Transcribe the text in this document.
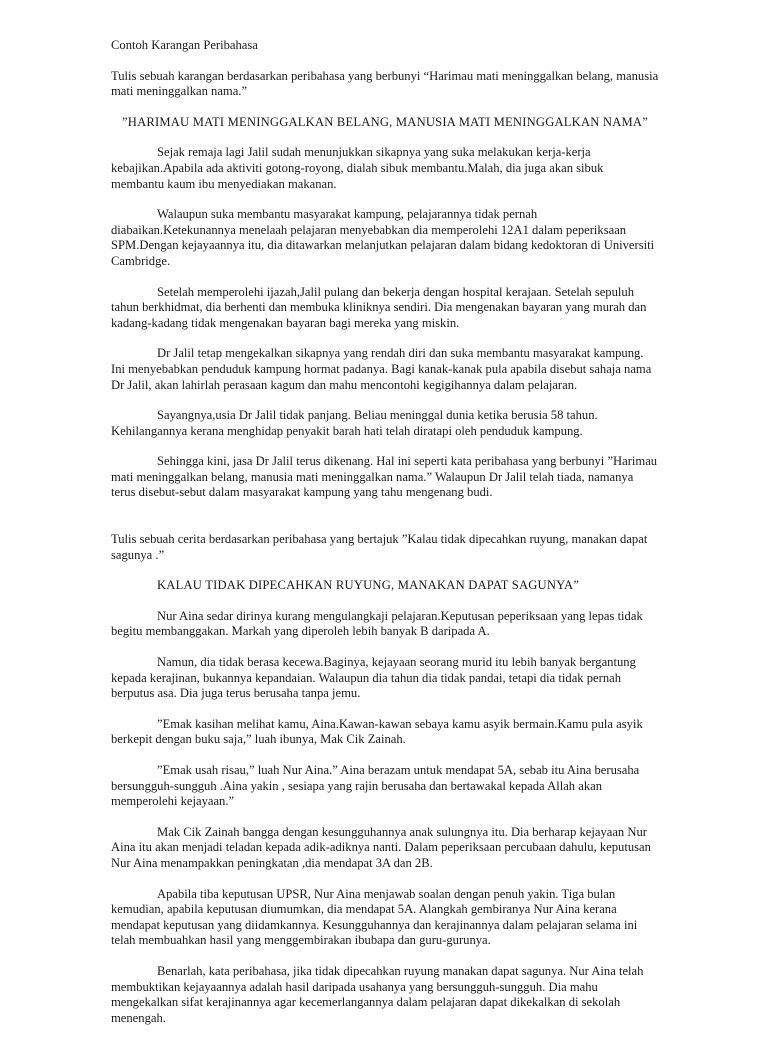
Contoh Karangan Peribahasa

Tulis sebuah karangan berdasarkan peribahasa yang berbunyi “Harimau mati meninggalkan belang, manusia mati meninggalkan nama.”

”HARIMAU MATI MENINGGALKAN BELANG, MANUSIA MATI MENINGGALKAN NAMA”

Sejak remaja lagi Jalil sudah menunjukkan sikapnya yang suka melakukan kerja-kerja kebajikan.Apabila ada aktiviti gotong-royong, dialah sibuk membantu.Malah, dia juga akan sibuk membantu kaum ibu menyediakan makanan.

Walaupun suka membantu masyarakat kampung, pelajarannya tidak pernah diabaikan.Ketekunannya menelaah pelajaran menyebabkan dia memperolehi 12A1 dalam peperiksaan SPM.Dengan kejayaannya itu, dia ditawarkan melanjutkan pelajaran dalam bidang kedoktoran di Universiti Cambridge.

Setelah memperolehi ijazah,Jalil pulang dan bekerja dengan hospital kerajaan. Setelah sepuluh tahun berkhidmat, dia berhenti dan membuka kliniknya sendiri. Dia mengenakan bayaran yang murah dan kadang-kadang tidak mengenakan bayaran bagi mereka yang miskin.

Dr Jalil tetap mengekalkan sikapnya yang rendah diri dan suka membantu masyarakat kampung. Ini menyebabkan penduduk kampung hormat padanya. Bagi kanak-kanak pula apabila disebut sahaja nama Dr Jalil, akan lahirlah perasaan kagum dan mahu mencontohi kegigihannya dalam pelajaran.

Sayangnya,usia Dr Jalil tidak panjang. Beliau meninggal dunia ketika berusia 58 tahun. Kehilangannya kerana menghidap penyakit barah hati telah diratapi oleh penduduk kampung.

Sehingga kini, jasa Dr Jalil terus dikenang. Hal ini seperti kata peribahasa yang berbunyi ”Harimau mati meninggalkan belang, manusia mati meninggalkan nama.” Walaupun Dr Jalil telah tiada, namanya terus disebut-sebut dalam masyarakat kampung yang tahu mengenang budi.

Tulis sebuah cerita berdasarkan peribahasa yang bertajuk ”Kalau tidak dipecahkan ruyung, manakan dapat sagunya .”

KALAU TIDAK DIPECAHKAN RUYUNG, MANAKAN DAPAT SAGUNYA”

Nur Aina sedar dirinya kurang mengulangkaji pelajaran.Keputusan peperiksaan yang lepas tidak begitu membanggakan. Markah yang diperoleh lebih banyak B daripada A.

Namun, dia tidak berasa kecewa.Baginya, kejayaan seorang murid itu lebih banyak bergantung kepada kerajinan, bukannya kepandaian. Walaupun dia tahun dia tidak pandai, tetapi dia tidak pernah berputus asa. Dia juga terus berusaha tanpa jemu.

”Emak kasihan melihat kamu, Aina.Kawan-kawan sebaya kamu asyik bermain.Kamu pula asyik berkepit dengan buku saja,” luah ibunya, Mak Cik Zainah.

”Emak usah risau,” luah Nur Aina.” Aina berazam untuk mendapat 5A, sebab itu Aina berusaha bersungguh-sungguh .Aina yakin , sesiapa yang rajin berusaha dan bertawakal kepada Allah akan memperolehi kejayaan.”

Mak Cik Zainah bangga dengan kesungguhannya anak sulungnya itu. Dia berharap kejayaan Nur Aina itu akan menjadi teladan kepada adik-adiknya nanti. Dalam peperiksaan percubaan dahulu, keputusan Nur Aina menampakkan peningkatan ,dia mendapat 3A dan 2B.

Apabila tiba keputusan UPSR, Nur Aina menjawab soalan dengan penuh yakin. Tiga bulan kemudian, apabila keputusan diumumkan, dia mendapat 5A. Alangkah gembiranya Nur Aina kerana mendapat keputusan yang diidamkannya. Kesungguhannya dan kerajinannya dalam pelajaran selama ini telah membuahkan hasil yang menggembirakan ibubapa dan guru-gurunya.

Benarlah, kata peribahasa, jika tidak dipecahkan ruyung manakan dapat sagunya. Nur Aina telah membuktikan kejayaannya adalah hasil daripada usahanya yang bersungguh-sungguh. Dia mahu mengekalkan sifat kerajinannya agar kecemerlangannya dalam pelajaran dapat dikekalkan di sekolah menengah.
